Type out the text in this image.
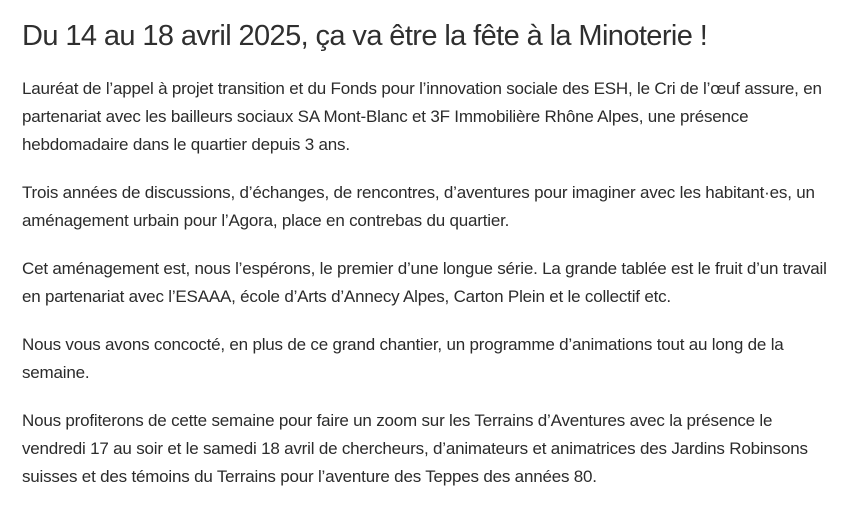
Du 14 au 18 avril 2025, ça va être la fête à la Minoterie !

Lauréat de l’appel à projet transition et du Fonds pour l’innovation sociale des ESH, le Cri de l’œuf assure, en partenariat avec les bailleurs sociaux SA Mont-Blanc et 3F Immobilière Rhône Alpes, une présence hebdomadaire dans le quartier depuis 3 ans.

Trois années de discussions, d’échanges, de rencontres, d’aventures pour imaginer avec les habitant·es, un aménagement urbain pour l’Agora, place en contrebas du quartier.

Cet aménagement est, nous l’espérons, le premier d’une longue série. La grande tablée est le fruit d’un travail en partenariat avec l’ESAAA, école d’Arts d’Annecy Alpes, Carton Plein et le collectif etc.

Nous vous avons concocté, en plus de ce grand chantier, un programme d’animations tout au long de la semaine.

Nous profiterons de cette semaine pour faire un zoom sur les Terrains d’Aventures avec la présence le vendredi 17 au soir et le samedi 18 avril de chercheurs, d’animateurs et animatrices des Jardins Robinsons suisses et des témoins du Terrains pour l’aventure des Teppes des années 80.
